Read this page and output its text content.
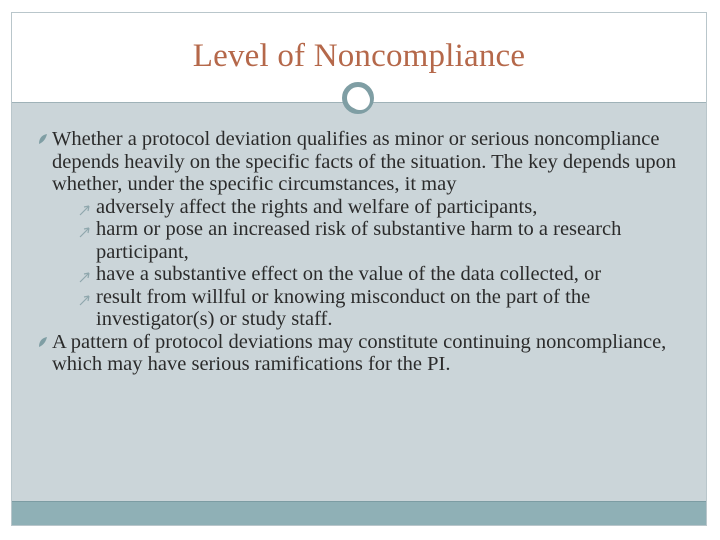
Level of Noncompliance
Whether a protocol deviation qualifies as minor or serious noncompliance depends heavily on the specific facts of the situation. The key depends upon whether, under the specific circumstances, it may
adversely affect the rights and welfare of participants,
harm or pose an increased risk of substantive harm to a research participant,
have a substantive effect on the value of the data collected, or
result from willful or knowing misconduct on the part of the investigator(s) or study staff.
A pattern of protocol deviations may constitute continuing noncompliance, which may have serious ramifications for the PI.
